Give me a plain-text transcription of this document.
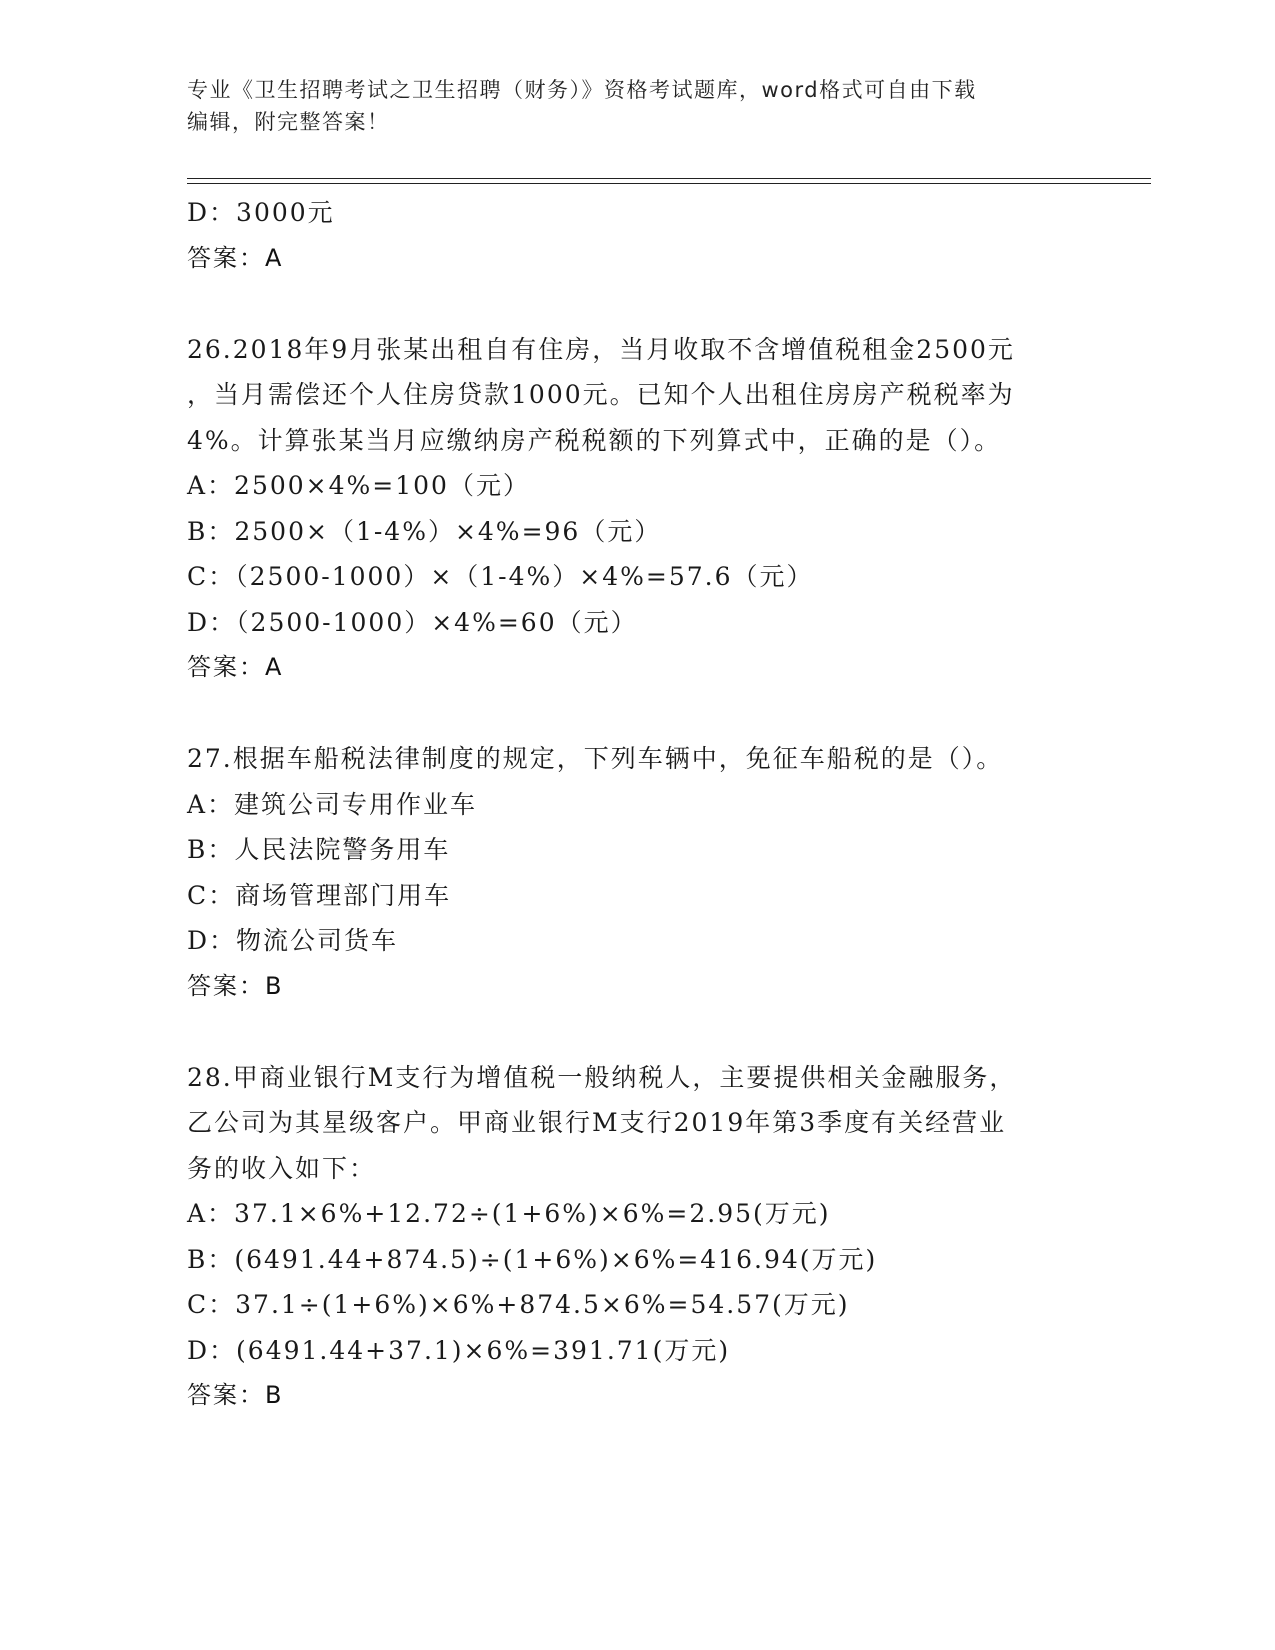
专业《卫生招聘考试之卫生招聘（财务）》资格考试题库，word格式可自由下载
编辑，附完整答案！
D：3000元
答案：A
26.2018年9月张某出租自有住房，当月收取不含增值税租金2500元
，当月需偿还个人住房贷款1000元。已知个人出租住房房产税税率为
4%。计算张某当月应缴纳房产税税额的下列算式中，正确的是（）。
A：2500×4%=100（元）
B：2500×（1-4%）×4%=96（元）
C：（2500-1000）×（1-4%）×4%=57.6（元）
D：（2500-1000）×4%=60（元）
答案：A
27.根据车船税法律制度的规定，下列车辆中，免征车船税的是（）。
A：建筑公司专用作业车
B：人民法院警务用车
C：商场管理部门用车
D：物流公司货车
答案：B
28.甲商业银行M支行为增值税一般纳税人，主要提供相关金融服务，
乙公司为其星级客户。甲商业银行M支行2019年第3季度有关经营业
务的收入如下：
A：37.1×6%+12.72÷(1+6%)×6%=2.95(万元)
B：(6491.44+874.5)÷(1+6%)×6%=416.94(万元)
C：37.1÷(1+6%)×6%+874.5×6%=54.57(万元)
D：(6491.44+37.1)×6%=391.71(万元)
答案：B
